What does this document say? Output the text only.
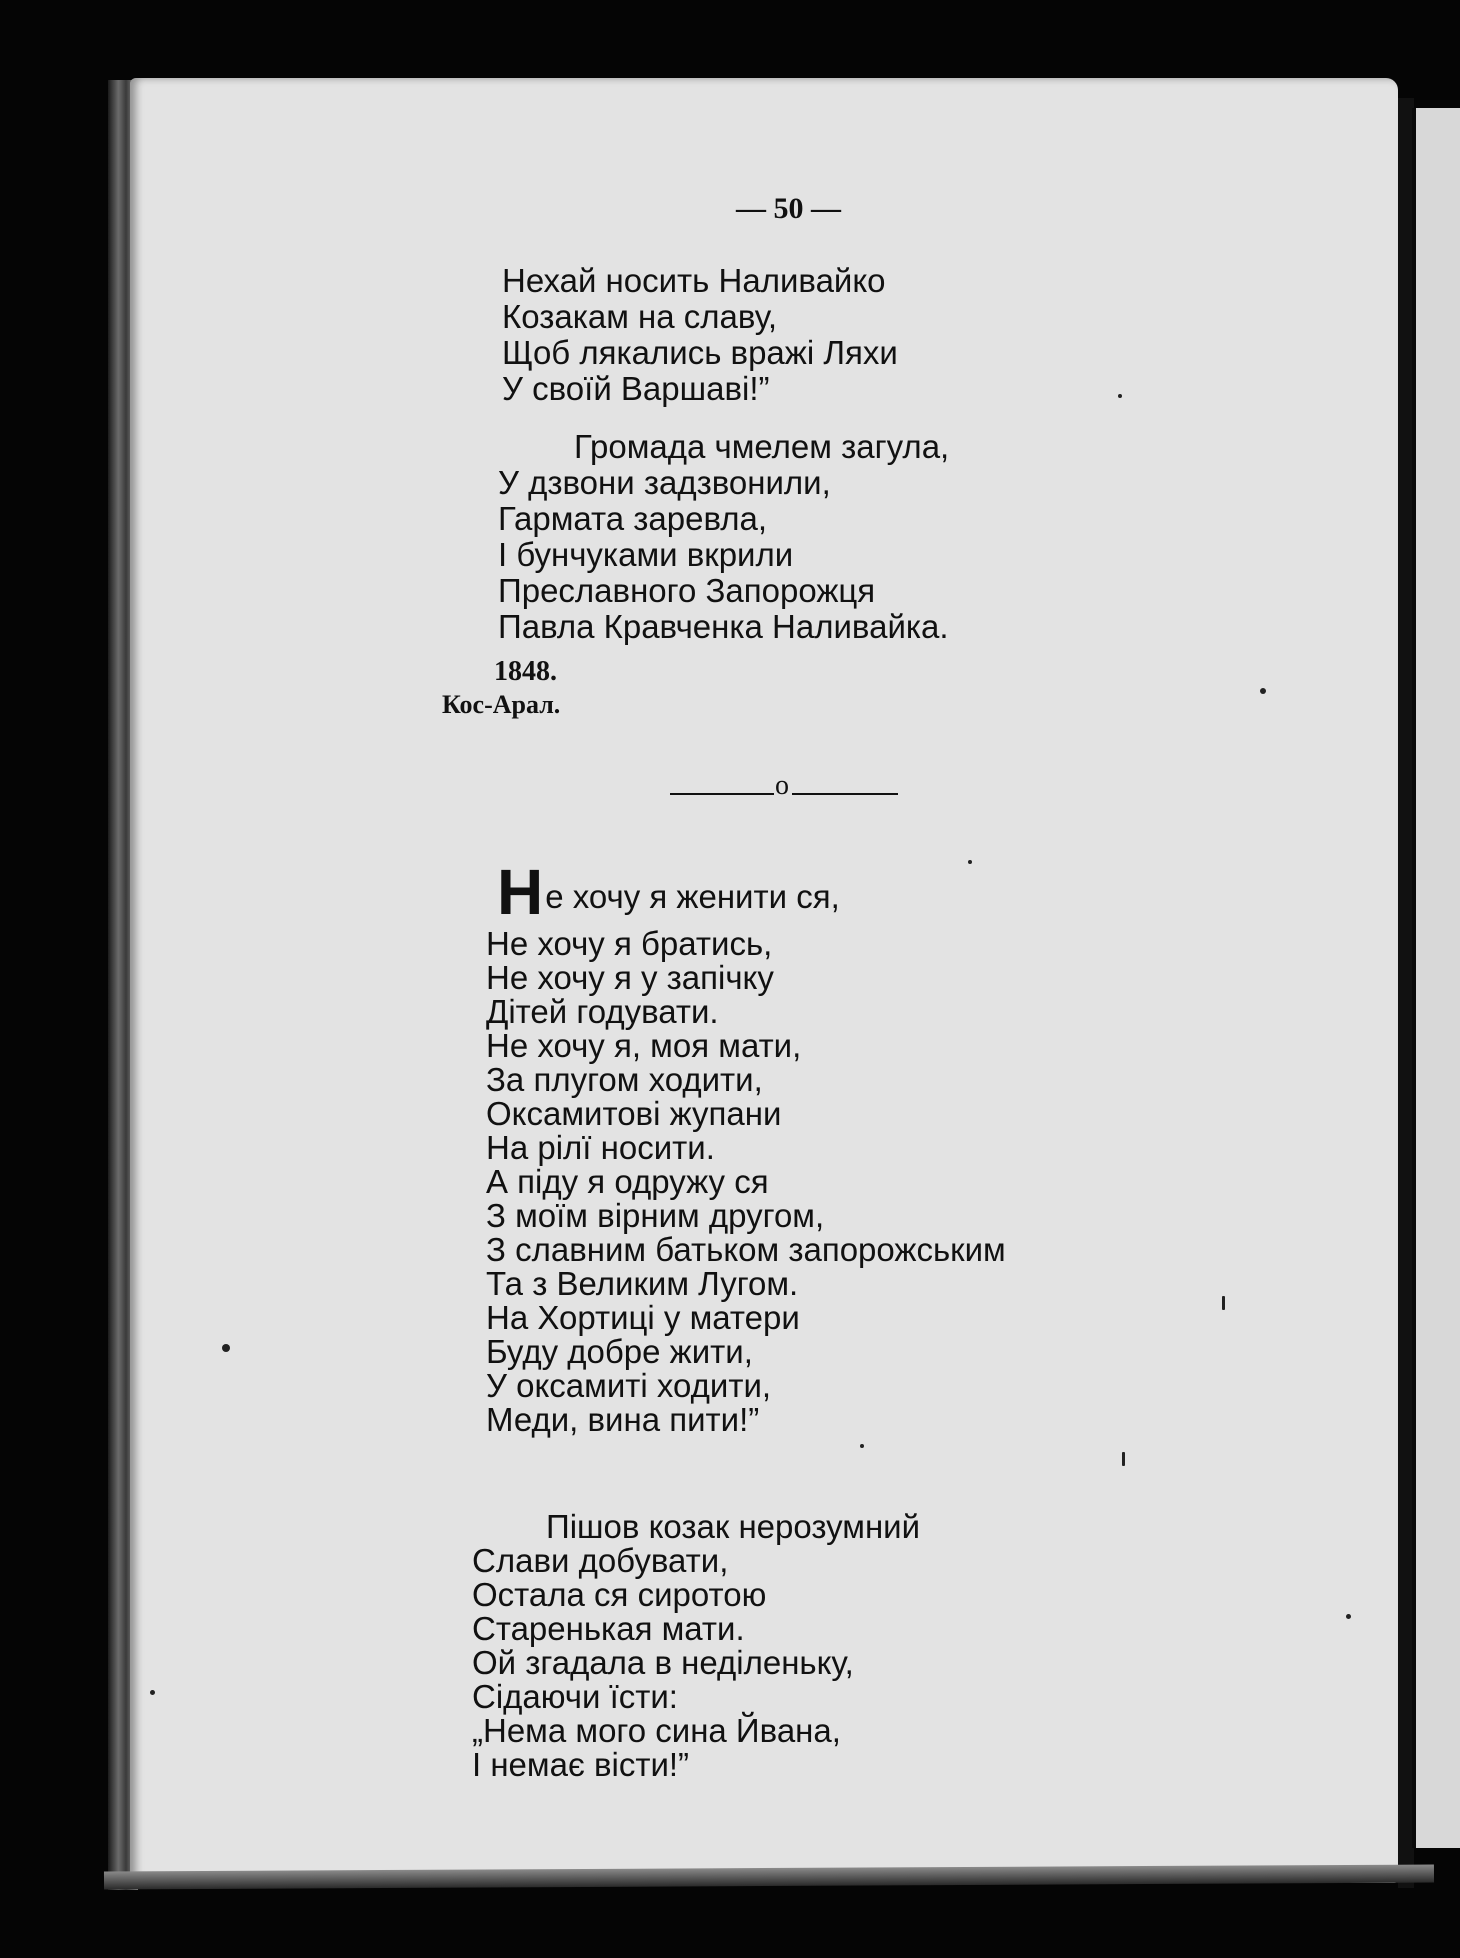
— 50 —
Нехай носить Наливайко
Козакам на славу,
Щоб лякались вражі Ляхи
У своїй Варшаві!”
Громада чмелем загула,
У дзвони задзвонили,
Гармата заревла,
І бунчуками вкрили
Преславного Запорожця
Павла Кравченка Наливайка.
1848.
Кос-Арал.
o
Не хочу я женити ся,
Не хочу я братись,
Не хочу я у запічку
Дітей годувати.
Не хочу я, моя мати,
За плугом ходити,
Оксамитові жупани
На рілї носити.
А піду я одружу ся
З моїм вірним другом,
З славним батьком запорожським
Та з Великим Лугом.
На Хортиці у матери
Буду добре жити,
У оксамиті ходити,
Меди, вина пити!”
Пішов козак нерозумний
Слави добувати,
Остала ся сиротою
Старенькая мати.
Ой згадала в неділеньку,
Сідаючи їсти:
„Нема мого сина Йвана,
І немає вісти!”
